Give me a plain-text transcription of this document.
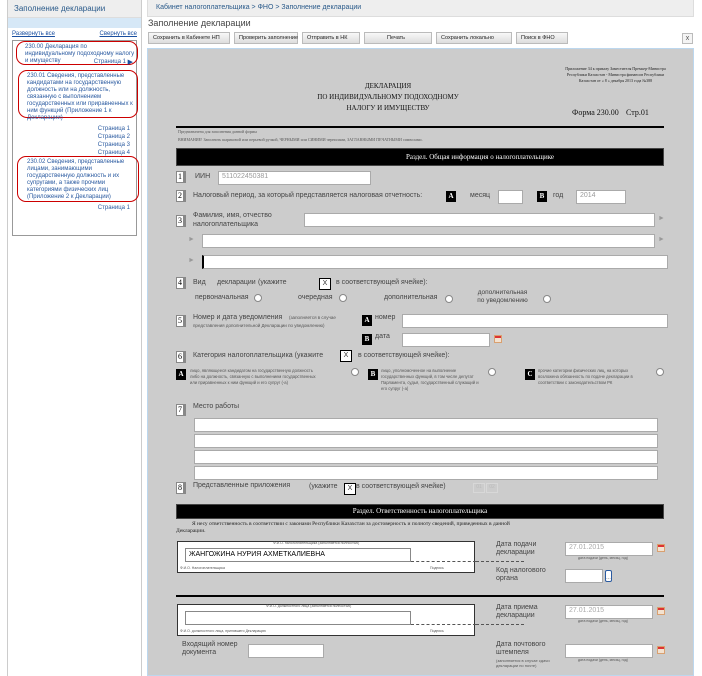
Заполнение декларации
Развернуть все	Свернуть все
230.00 Декларация по индивидуальному подоходному налогу и имуществу	Страница 1 ▶
230.01 Сведения, представленные кандидатами на государственную должность или на должность, связанную с выполнением государственных или приравненных к ним функций (Приложение 1 к Декларации)
Страница 1
Страница 2
Страница 3
Страница 4
230.02 Сведения, представленные лицами, занимающими государственную должность и их супругами, а также прочими категориями физических лиц (Приложение 2 к Декларации)
Страница 1
Кабинет налогоплательщика > ФНО > Заполнение декларации
Заполнение декларации
Сохранить в Кабинете НП	Проверить заполнение	Отправить в НК	Печать	Сохранить локально	Поиск в ФНО	x
Приложение 34 к приказу Заместителя Премьер-Министра Республики Казахстан - Министра финансов Республики Казахстан от « 8 » декабря 2013 года №388
ДЕКЛАРАЦИЯ
ПО ИНДИВИДУАЛЬНОМУ ПОДОХОДНОМУ
НАЛОГУ И ИМУЩЕСТВУ	Форма 230.00 Стр.01
Предназначена для заполнения данной формы
ВНИМАНИЕ! Заполнить шариковой или перьевой ручкой, ЧЕРНЫМИ или СИНИМИ чернилами, ЗАГЛАВНЫМИ ПЕЧАТНЫМИ символами.
Раздел. Общая информация о налогоплательщике
1	ИИН	511022450381
2	Налоговый период, за который представляется налоговая отчетность:	A	месяц	B	год	2014
3
Фамилия, имя, отчество
налогоплательщика
►
►	►
►
4	Вид декларации (укажите	X	в соответствующей ячейке):
первоначальная	очередная	дополнительная
дополнительная
по уведомлению
5	Номер и дата уведомления (заполняется в случае
представления дополнительной Декларации по уведомлению)
A номер
B дата
6	Категория налогоплательщика (укажите	X	в соответствующей ячейке):
A	лицо, являющееся кандидатом на государственную должность либо на должность, связанную с выполнением государственных или приравненных к ним функций и его супруг (-а)
B	лицо, уполномоченное на выполнение государственных функций, в том числе депутат Парламента, судья, государственный служащий и его супруг (-а)
C	прочие категории физических лиц, на которых возложена обязанность по подаче декларации в соответствии с законодательством РК
7	Место работы
8	Представленные приложения	(укажите	X в соответствующей ячейке)	01	02
Раздел. Ответственность налогоплательщика
Я несу ответственность в соответствии с законами Республики Казахстан за достоверность и полноту сведений, приведенных в данной Декларации.
Ф.И.О. налогоплательщика (заполняется полностью)
ЖАНГОЖИНА НУРИЯ АХМЕТКАЛИЕВНА
Ф.И.О. Налогоплательщика	Подпись
Дата подачи
декларации
27.01.2015
дата подачи (день, месяц, год)
Код налогового
органа	…
Ф.И.О. должностного лица (заполняется полностью)
Ф.И.О. должностного лица, принявшего Декларацию	Подпись
Дата приема
декларации
27.01.2015
дата подачи (день, месяц, год)
Входящий номер
документа
Дата почтового
штемпеля
(заполняется в случае сдачи декларации по почте)
дата подачи (день, месяц, год)
